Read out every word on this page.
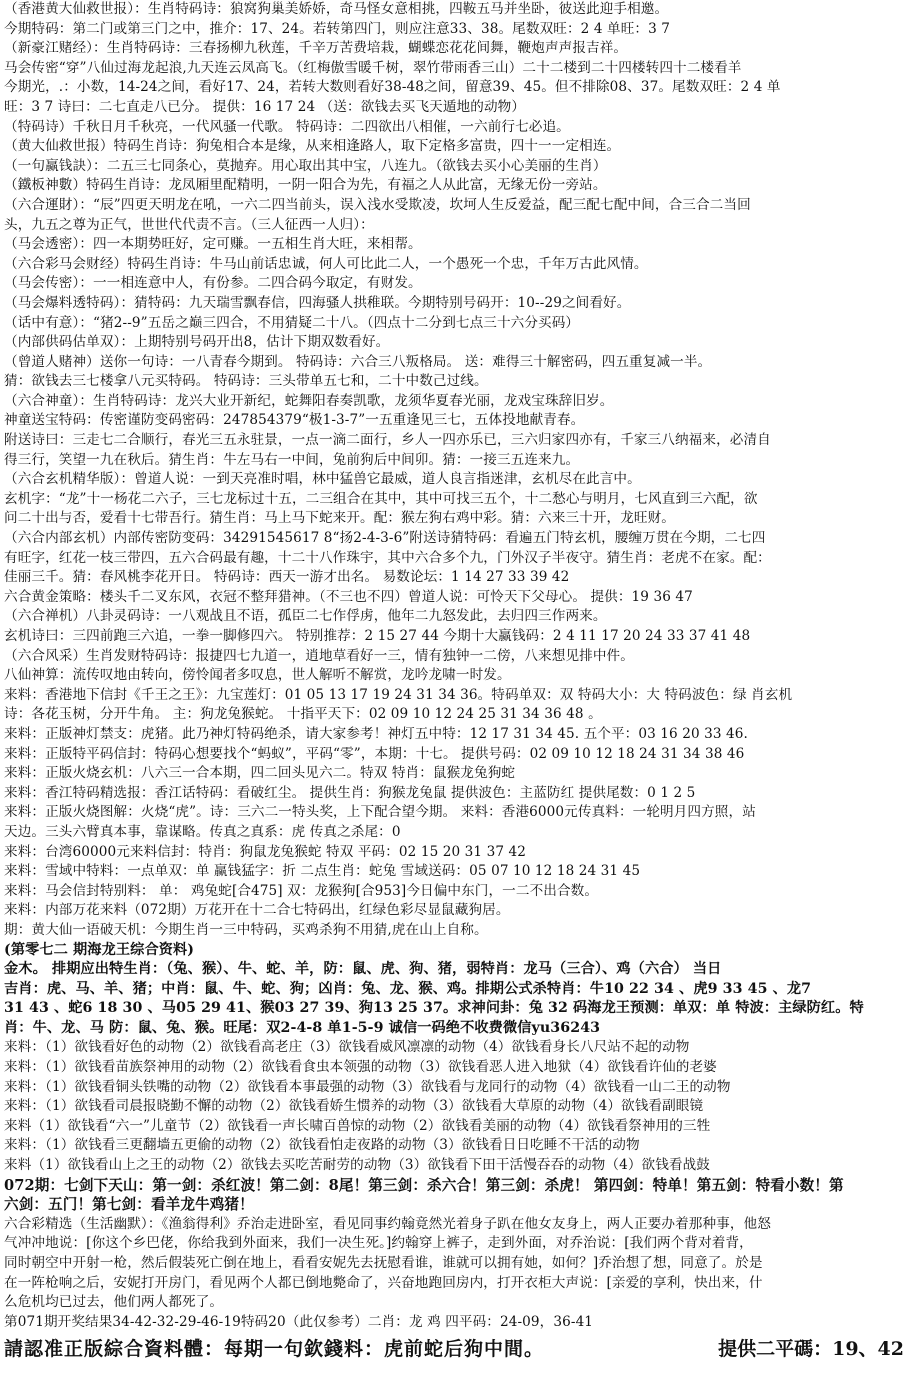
（香港黄大仙救世报）：生肖特码诗：狼窝狗巢美娇娇，奇马怪女意相挑，四鞍五马并坐卧，彼送此迎手相邀。
今期特码：第二门或第三门之中，推介：17、24。若转第四门，则应注意33、38。尾数双旺：2 4 单旺：3 7
（新豪江赌经）：生肖特码诗：三春扬柳九秋莲，千辛万苦费培栽，蝴蝶恋花花间舞，鞭炮声声报吉祥。
马会传密“穿”八仙过海龙起浪,九天连云凤高飞。（红梅傲雪暖千树，翠竹带雨香三山）二十二楼到二十四楼转四十二楼看羊
今期光，.：小数，14-24之间，看好17、24，若转大数则看好38-48之间，留意39、45。但不排除08、37。尾数双旺：2 4 单
旺：3 7 诗曰：二七直走八已分。 提供：16 17 24 （送：欲钱去买飞天遁地的动物）
（特码诗）千秋日月千秋亮，一代风骚一代歌。 特码诗：二四欲出八相催，一六前行七必追。
（黄大仙救世报）特码生肖诗：狗兔相合本是缘，从来相逢路人，取下定格多富贵，四十一一定相连。
（一句赢钱訣）：二五三七同条心，莫抛弃。用心取出其中宝，八连九。（欲钱去买小心美丽的生肖）
（鐵板神數）特码生肖诗：龙凤厢里配精明，一阴一阳合为先，有福之人从此富，无缘无份一旁站。
（六合運財）：“辰”四更天明龙在吼，一六二四当前头，误入浅水受欺凌，坎坷人生反爱益，配三配七配中间，合三合二当回
头，九五之尊为正气，世世代代责不言。（三人征西一人归）：
（马会透密）：四一本期势旺好，定可赚。一五相生肖大旺，来相帮。
（六合彩马会财经）特码生肖诗：牛马山前话忠诚，何人可比此二人，一个愚死一个忠，千年万古此风情。
（马会传密）：一一相连意中人，有份参。二四合码今取定，有财发。
（马会爆料透特码）：猜特码：九天瑞雪飘春信，四海骚人拱稚联。今期特别号码开：10--29之间看好。
（话中有意）：“猪2--9”五岳之巅三四合，不用猜疑二十八。（四点十二分到七点三十六分买码）
（内部供码估单双）：上期特别号码开出8，估计下期双数看好。
（曾道人赌神）送你一句诗：一八青春今期到。 特码诗：六合三八叛格局。 送：难得三十解密码，四五重复减一半。
猜：欲钱去三七楼拿八元买特码。 特码诗：三头带单五七和，二十中数己过线。
（六合神童）：生肖特码诗：龙兴大业开新纪，蛇舞阳春奏凯歌，龙须华夏春光丽，龙戏宝珠辞旧岁。
神童送宝特码：传密谨防变码密码：247854379“极1-3-7”一五重逢见三七，五体投地献青春。
附送诗曰：三走七二合顺行，春光三五永驻景，一点一滴二面行，乡人一四亦乐已，三六归家四亦有，千家三八纳福来，必清自
得三行，笑望一九在秋后。猜生肖：牛左马右一中间，兔前狗后中间卯。猜：一接三五连来九。
（六合玄机精华版）：曾道人说：一到天亮准时唱，林中猛兽它最威，道人良言指迷津，玄机尽在此言中。
玄机字：“龙”十一杨花二六子，三七龙标过十五，二三组合在其中，其中可找三五个，十二愁心与明月，七风直到三六配，欲
问二十出与否，爱看十七带吾行。猜生肖：马上马下蛇来开。配：猴左狗右鸡中彩。猜：六来三十开，龙旺财。
（六合内部玄机）内部传密防变码：34291545617 8“扬2-4-3-6”附送诗猜特码：看遍五门特玄机，腰缠万贯在今期，二七四
有旺字，红花一枝三带四，五六合码最有趣，十二十八作珠宇，其中六合多个九，门外汉子半夜守。猜生肖：老虎不在家。配：
佳丽三千。猜：春风桃李花开日。 特码诗：西天一游才出名。 易数论坛：1 14 27 33 39 42
六合黄金策略：楼头千二叉东风，衣冠不整拜猎神。（不三也不四）曾道人说：可怜天下父母心。 提供：19 36 47
（六合禅机）八卦灵码诗：一八观战且不语，孤臣二七作俘虏，他年二九怒发此，去归四三作两来。
玄机诗曰：三四前跑三六追，一拳一脚修四六。 特别推荐：2 15 27 44 今期十大赢钱码：2 4 11 17 20 24 33 37 41 48
（六合风采）生肖发财特码诗：报捷四七九道一，逍地草看好一三，情有独钟一二傍，八来想见排中件。
八仙神算：流传叹地由转向，傍怜闻者多叹息，世人解听不解赏，龙吟龙啸一时发。
来料：香港地下信封《千王之王》：九宝莲灯：01 05 13 17 19 24 31 34 36。特码单双：双 特码大小：大 特码波色：绿 肖玄机
诗：各花玉树，分开牛角。 主：狗龙兔猴蛇。 十指平天下：02 09 10 12 24 25 31 34 36 48 。
来料：正版神灯禁支：虎猪。此乃神灯特码绝杀，请大家参考！神灯五中特：12 17 31 34 45. 五个平：03 16 20 33 46.
来料：正版特平码信封：特码心想要找个“蚂蚁”，平码“零”，本期：十七。 提供号码：02 09 10 12 18 24 31 34 38 46
来料：正版火烧玄机：八六三一合本期，四二回头见六二。特双 特肖：鼠猴龙兔狗蛇
来料：香江特码精选报：香江话特码：看破红尘。 提供生肖：狗猴龙兔鼠 提供波色：主蓝防红 提供尾数：0 1 2 5
来料：正版火烧图解：火烧“虎”。诗：三六二一特头奖，上下配合望今期。 来料：香港6000元传真料：一轮明月四方照，站
天边。三头六臂真本事，靠谋略。传真之真系：虎 传真之杀尾：0
来料：台湾60000元来料信封：特肖：狗鼠龙兔猴蛇 特双 平码：02 15 20 31 37 42
来料：雪域中特料：一点单双：单 赢钱猛字：折 二点生肖：蛇兔 雪域送码：05 07 10 12 18 24 31 45
来料：马会信封特别料： 单： 鸡兔蛇[合475] 双：龙猴狗[合953]今日偏中东门，一二不出合数。
来料：内部万花来料（072期）万花开在十二合七特码出，红绿色彩尽显鼠藏狗居。
期：黄大仙一语破天机：今期生肖一三中特码，买鸡杀狗不用猜,虎在山上自称。
(第零七二 期海龙王综合资料)
金木。 排期应出特生肖：（兔、猴）、牛、蛇、羊，防：鼠、虎、狗、猪，弱特肖：龙马（三合）、鸡（六合） 当日
吉肖：虎、马、羊、猪；中肖：鼠、牛、蛇、狗；凶肖：兔、龙、猴、鸡。排期公式杀特肖：牛10 22 34 、虎9 33 45 、龙7
31 43 、蛇6 18 30 、马05 29 41、猴03 27 39、狗13 25 37。求神问卦：兔 32 码海龙王预测：单双：单 特波：主绿防红。特
肖：牛、龙、马 防：鼠、兔、猴。旺尾：双2-4-8 单1-5-9 诚信一码绝不收费微信yu36243
来料：（1）欲钱看好色的动物（2）欲钱看高老庄（3）欲钱看威风凛凛的动物（4）欲钱看身长八尺站不起的动物
来料：（1）欲钱看苗族祭神用的动物（2）欲钱看食虫本领强的动物（3）欲钱看恶人进入地狱（4）欲钱看许仙的老婆
来料：（1）欲钱看铜头铁嘴的动物（2）欲钱看本事最强的动物（3）欲钱看与龙同行的动物（4）欲钱看一山二王的动物
来料：（1）欲钱看司晨报晓勤不懈的动物（2）欲钱看娇生惯养的动物（3）欲钱看大草原的动物（4）欲钱看副眼镜
来料（1）欲钱看“六一”儿童节（2）欲钱看一声长啸百兽惊的动物（2）欲钱看美丽的动物（4）欲钱看祭神用的三牲
来料：（1）欲钱看三更翻墙五更偷的动物（2）欲钱看怕走夜路的动物（3）欲钱看日日吃睡不干活的动物
来料（1）欲钱看山上之王的动物（2）欲钱去买吃苦耐劳的动物（3）欲钱看下田干活慢吞吞的动物（4）欲钱看战鼓
072期：七剑下天山：第一剑：杀红波！第二剑：8尾！第三剑：杀六合！第三剑：杀虎！ 第四剑：特单！第五剑：特看小数！第
六剑：五门！第七剑：看羊龙牛鸡猪！
六合彩精选（生活幽默）：《渔翁得利》乔治走进卧室，看见同事约翰竟然光着身子趴在他女友身上，两人正要办着那种事，他怒
气冲冲地说：[你这个乡巴佬，你给我到外面来，我们一决生死。]约翰穿上裤子，走到外面，对乔治说：[我们两个背对着背，
同时朝空中开射一枪，然后假装死亡倒在地上，看看安妮先去抚慰看谁，谁就可以拥有她，如何？]乔治想了想，同意了。於是
在一阵枪响之后，安妮打开房门，看见两个人都已倒地斃命了，兴奋地跑回房内，打开衣柜大声说：[亲爱的享利，快出来，什
么危机均已过去，他们两人都死了。
第071期开奖结果34-42-32-29-46-19特码20（此仅参考）二肖：龙 鸡 四平码：24-09，36-41
請認准正版綜合資料體：每期一句欽錢料：虎前蛇后狗中間。	提供二平碼：19、42
